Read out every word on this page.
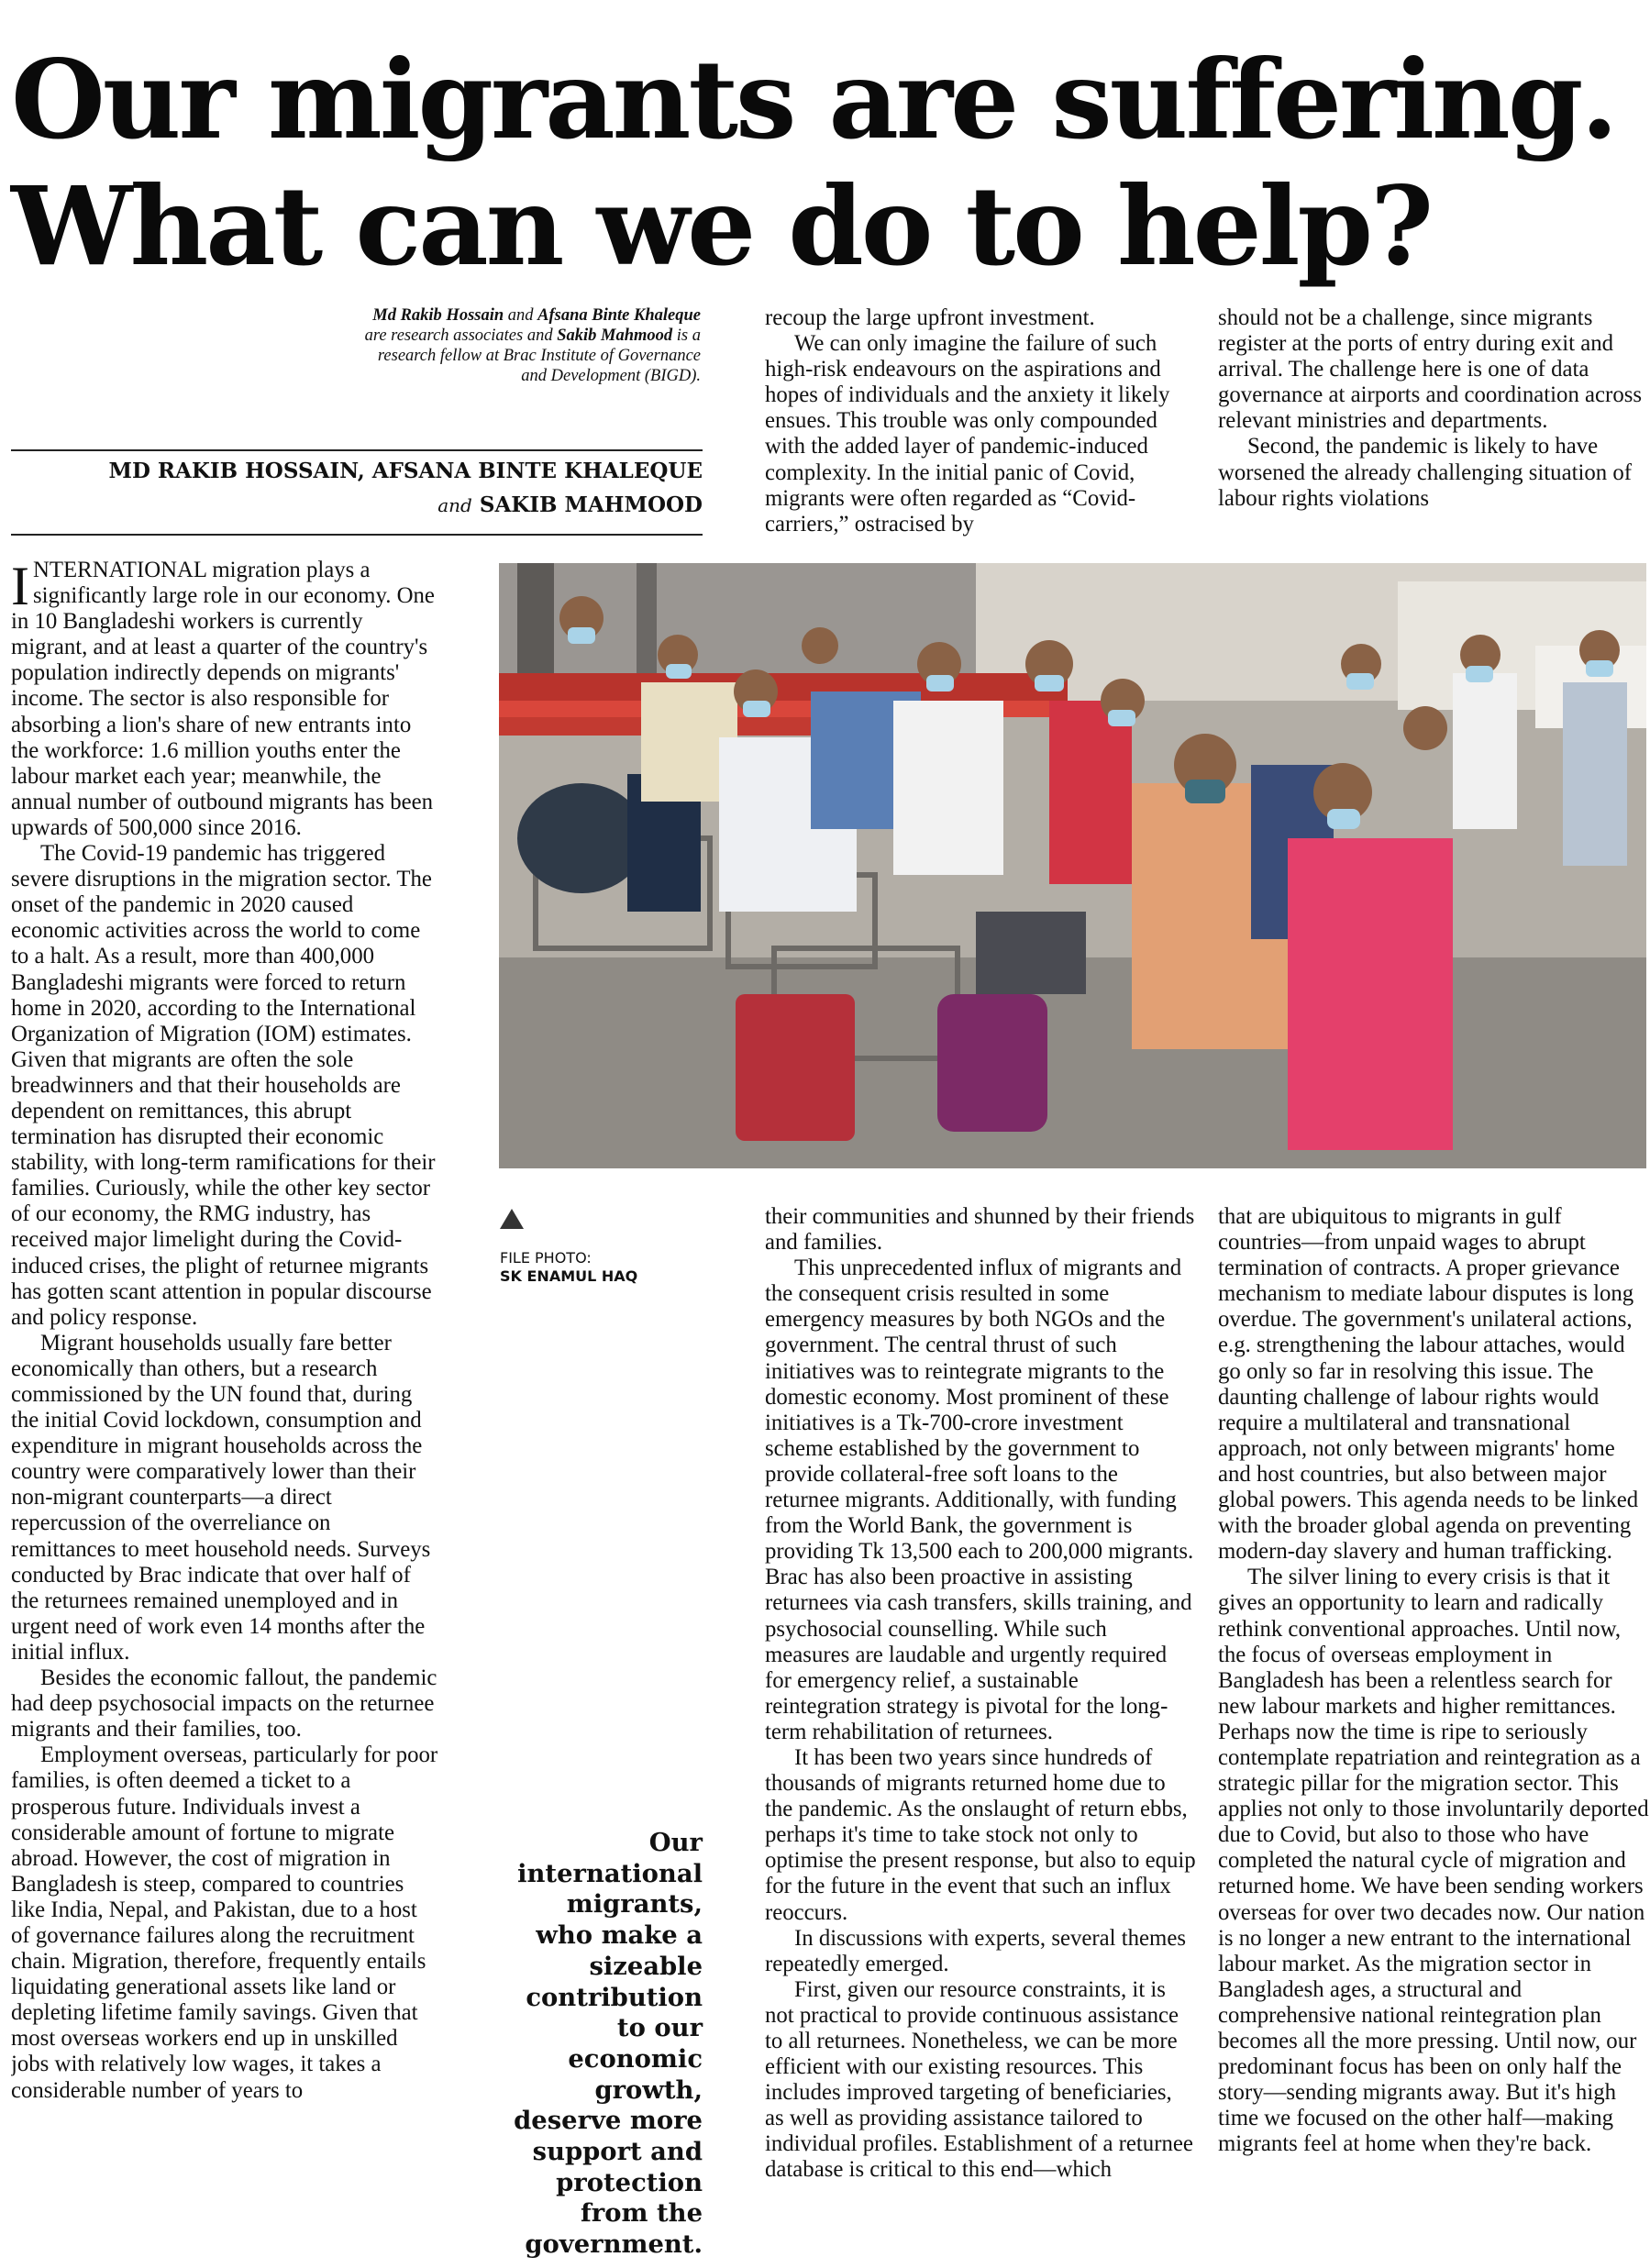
Our migrants are suffering.
What can we do to help?
Md Rakib Hossain and Afsana Binte Khaleque are research associates and Sakib Mahmood is a research fellow at Brac Institute of Governance and Development (BIGD).
MD RAKIB HOSSAIN, AFSANA BINTE KHALEQUE
and SAKIB MAHMOOD

INTERNATIONAL migration plays a significantly large role in our economy. One in 10 Bangladeshi workers is currently migrant, and at least a quarter of the country's population indirectly depends on migrants' income. The sector is also responsible for absorbing a lion's share of new entrants into the workforce: 1.6 million youths enter the labour market each year; meanwhile, the annual number of outbound migrants has been upwards of 500,000 since 2016.

The Covid-19 pandemic has triggered severe disruptions in the migration sector. The onset of the pandemic in 2020 caused economic activities across the world to come to a halt. As a result, more than 400,000 Bangladeshi migrants were forced to return home in 2020, according to the International Organization of Migration (IOM) estimates. Given that migrants are often the sole breadwinners and that their households are dependent on remittances, this abrupt termination has disrupted their economic stability, with long-term ramifications for their families. Curiously, while the other key sector of our economy, the RMG industry, has received major limelight during the Covid-induced crises, the plight of returnee migrants has gotten scant attention in popular discourse and policy response.

Migrant households usually fare better economically than others, but a research commissioned by the UN found that, during the initial Covid lockdown, consumption and expenditure in migrant households across the country were comparatively lower than their non-migrant counterparts—a direct repercussion of the overreliance on remittances to meet household needs. Surveys conducted by Brac indicate that over half of the returnees remained unemployed and in urgent need of work even 14 months after the initial influx.

Besides the economic fallout, the pandemic had deep psychosocial impacts on the returnee migrants and their families, too.

Employment overseas, particularly for poor families, is often deemed a ticket to a prosperous future. Individuals invest a considerable amount of fortune to migrate abroad. However, the cost of migration in Bangladesh is steep, compared to countries like India, Nepal, and Pakistan, due to a host of governance failures along the recruitment chain. Migration, therefore, frequently entails liquidating generational assets like land or depleting lifetime family savings. Given that most overseas workers end up in unskilled jobs with relatively low wages, it takes a considerable number of years to

recoup the large upfront investment.

We can only imagine the failure of such high-risk endeavours on the aspirations and hopes of individuals and the anxiety it likely ensues. This trouble was only compounded with the added layer of pandemic-induced complexity. In the initial panic of Covid, migrants were often regarded as “Covid-carriers,” ostracised by

should not be a challenge, since migrants register at the ports of entry during exit and arrival. The challenge here is one of data governance at airports and coordination across relevant ministries and departments.

Second, the pandemic is likely to have worsened the already challenging situation of labour rights violations

FILE PHOTO:
SK ENAMUL HAQ
Our international migrants, who make a sizeable contribution to our economic growth, deserve more support and protection from the government.

their communities and shunned by their friends and families.

This unprecedented influx of migrants and the consequent crisis resulted in some emergency measures by both NGOs and the government. The central thrust of such initiatives was to reintegrate migrants to the domestic economy. Most prominent of these initiatives is a Tk-700-crore investment scheme established by the government to provide collateral-free soft loans to the returnee migrants. Additionally, with funding from the World Bank, the government is providing Tk 13,500 each to 200,000 migrants. Brac has also been proactive in assisting returnees via cash transfers, skills training, and psychosocial counselling. While such measures are laudable and urgently required for emergency relief, a sustainable reintegration strategy is pivotal for the long-term rehabilitation of returnees.

It has been two years since hundreds of thousands of migrants returned home due to the pandemic. As the onslaught of return ebbs, perhaps it's time to take stock not only to optimise the present response, but also to equip for the future in the event that such an influx reoccurs.

In discussions with experts, several themes repeatedly emerged.

First, given our resource constraints, it is not practical to provide continuous assistance to all returnees. Nonetheless, we can be more efficient with our existing resources. This includes improved targeting of beneficiaries, as well as providing assistance tailored to individual profiles. Establishment of a returnee database is critical to this end—which

that are ubiquitous to migrants in gulf countries—from unpaid wages to abrupt termination of contracts. A proper grievance mechanism to mediate labour disputes is long overdue. The government's unilateral actions, e.g. strengthening the labour attaches, would go only so far in resolving this issue. The daunting challenge of labour rights would require a multilateral and transnational approach, not only between migrants' home and host countries, but also between major global powers. This agenda needs to be linked with the broader global agenda on preventing modern-day slavery and human trafficking.

The silver lining to every crisis is that it gives an opportunity to learn and radically rethink conventional approaches. Until now, the focus of overseas employment in Bangladesh has been a relentless search for new labour markets and higher remittances. Perhaps now the time is ripe to seriously contemplate repatriation and reintegration as a strategic pillar for the migration sector. This applies not only to those involuntarily deported due to Covid, but also to those who have completed the natural cycle of migration and returned home. We have been sending workers overseas for over two decades now. Our nation is no longer a new entrant to the international labour market. As the migration sector in Bangladesh ages, a structural and comprehensive national reintegration plan becomes all the more pressing. Until now, our predominant focus has been on only half the story—sending migrants away. But it's high time we focused on the other half—making migrants feel at home when they're back.
